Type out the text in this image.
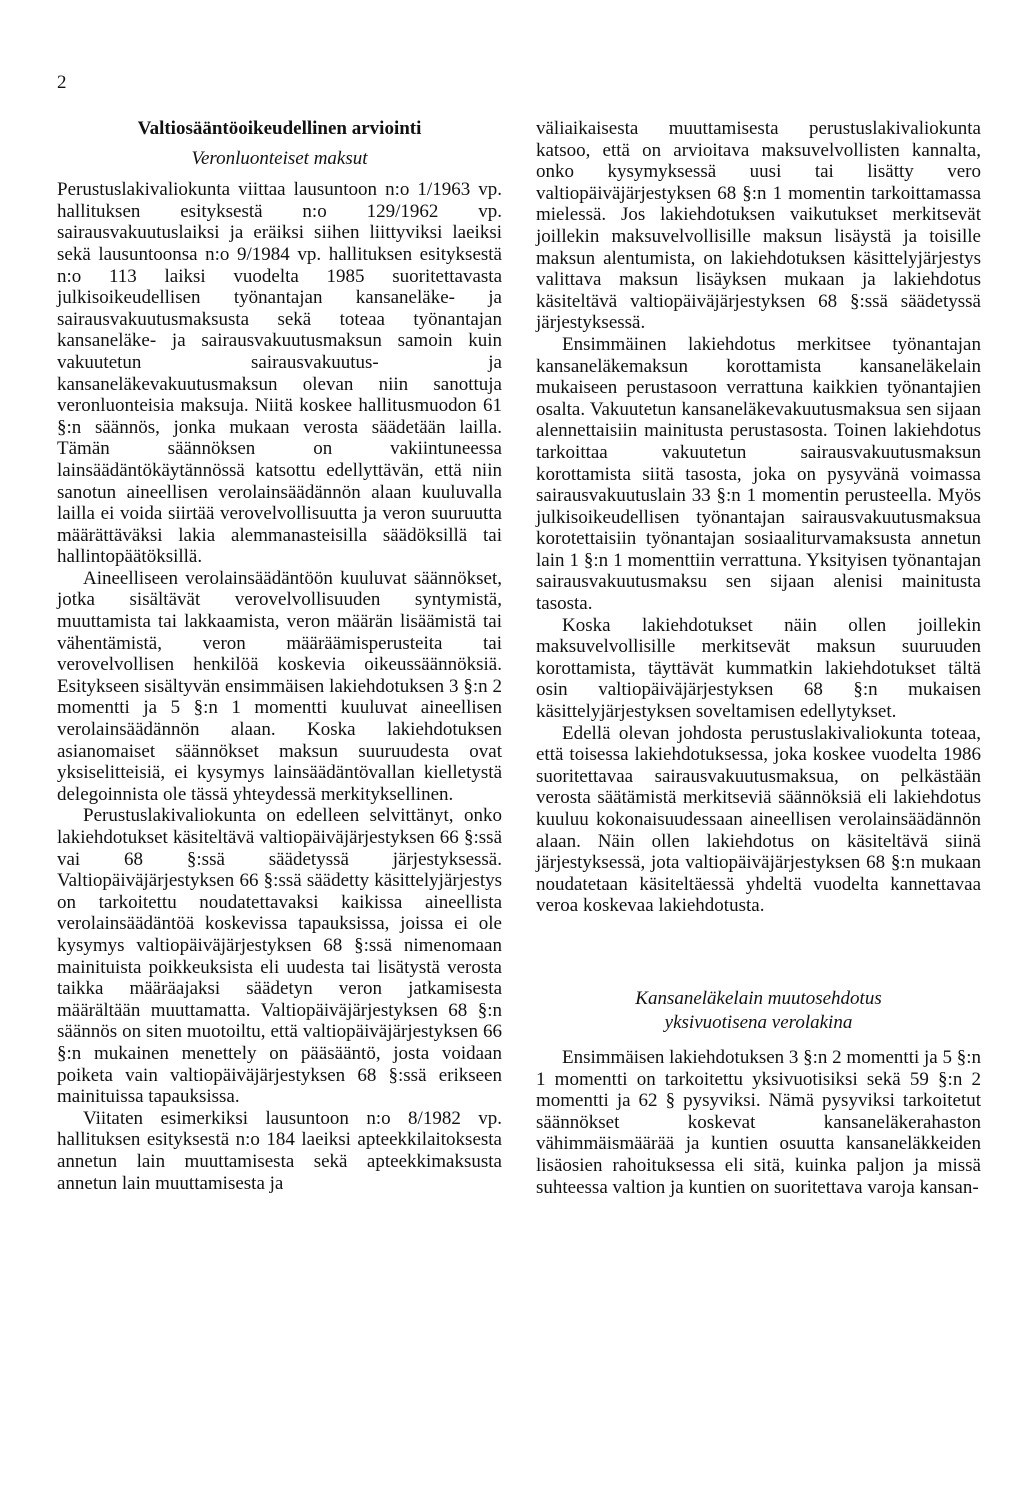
2
Valtiosääntöoikeudellinen arviointi
Veronluonteiset maksut

Perustuslakivaliokunta viittaa lausuntoon n:o 1/1963 vp. hallituksen esityksestä n:o 129/1962 vp. sairausvakuutuslaiksi ja eräiksi siihen liittyviksi laeiksi sekä lausuntoonsa n:o 9/1984 vp. hallituksen esityksestä n:o 113 laiksi vuodelta 1985 suoritettavasta julkisoikeudellisen työnantajan kansaneläke- ja sairausvakuutusmaksusta sekä toteaa työnantajan kansaneläke- ja sairausvakuutusmaksun samoin kuin vakuutetun sairausvakuutus- ja kansaneläkevakuutusmaksun olevan niin sanottuja veronluonteisia maksuja. Niitä koskee hallitusmuodon 61 §:n säännös, jonka mukaan verosta säädetään lailla. Tämän säännöksen on vakiintuneessa lainsäädäntökäytännössä katsottu edellyttävän, että niin sanotun aineellisen verolainsäädännön alaan kuuluvalla lailla ei voida siirtää verovelvollisuutta ja veron suuruutta määrättäväksi lakia alemmanasteisilla säädöksillä tai hallintopäätöksillä.

Aineelliseen verolainsäädäntöön kuuluvat säännökset, jotka sisältävät verovelvollisuuden syntymistä, muuttamista tai lakkaamista, veron määrän lisäämistä tai vähentämistä, veron määräämisperusteita tai verovelvollisen henkilöä koskevia oikeussäännöksiä. Esitykseen sisältyvän ensimmäisen lakiehdotuksen 3 §:n 2 momentti ja 5 §:n 1 momentti kuuluvat aineellisen verolainsäädännön alaan. Koska lakiehdotuksen asianomaiset säännökset maksun suuruudesta ovat yksiselitteisiä, ei kysymys lainsäädäntövallan kielletystä delegoinnista ole tässä yhteydessä merkityksellinen.

Perustuslakivaliokunta on edelleen selvittänyt, onko lakiehdotukset käsiteltävä valtiopäiväjärjestyksen 66 §:ssä vai 68 §:ssä säädetyssä järjestyksessä. Valtiopäiväjärjestyksen 66 §:ssä säädetty käsittelyjärjestys on tarkoitettu noudatettavaksi kaikissa aineellista verolainsäädäntöä koskevissa tapauksissa, joissa ei ole kysymys valtiopäiväjärjestyksen 68 §:ssä nimenomaan mainituista poikkeuksista eli uudesta tai lisätystä verosta taikka määräajaksi säädetyn veron jatkamisesta määrältään muuttamatta. Valtiopäiväjärjestyksen 68 §:n säännös on siten muotoiltu, että valtiopäiväjärjestyksen 66 §:n mukainen menettely on pääsääntö, josta voidaan poiketa vain valtiopäiväjärjestyksen 68 §:ssä erikseen mainituissa tapauksissa.

Viitaten esimerkiksi lausuntoon n:o 8/1982 vp. hallituksen esityksestä n:o 184 laeiksi apteekkilaitoksesta annetun lain muuttamisesta sekä apteekkimaksusta annetun lain muuttamisesta ja

väliaikaisesta muuttamisesta perustuslakivaliokunta katsoo, että on arvioitava maksuvelvollisten kannalta, onko kysymyksessä uusi tai lisätty vero valtiopäiväjärjestyksen 68 §:n 1 momentin tarkoittamassa mielessä. Jos lakiehdotuksen vaikutukset merkitsevät joillekin maksuvelvollisille maksun lisäystä ja toisille maksun alentumista, on lakiehdotuksen käsittelyjärjestys valittava maksun lisäyksen mukaan ja lakiehdotus käsiteltävä valtiopäiväjärjestyksen 68 §:ssä säädetyssä järjestyksessä.

Ensimmäinen lakiehdotus merkitsee työnantajan kansaneläkemaksun korottamista kansaneläkelain mukaiseen perustasoon verrattuna kaikkien työnantajien osalta. Vakuutetun kansaneläkevakuutusmaksua sen sijaan alennettaisiin mainitusta perustasosta. Toinen lakiehdotus tarkoittaa vakuutetun sairausvakuutusmaksun korottamista siitä tasosta, joka on pysyvänä voimassa sairausvakuutuslain 33 §:n 1 momentin perusteella. Myös julkisoikeudellisen työnantajan sairausvakuutusmaksua korotettaisiin työnantajan sosiaaliturvamaksusta annetun lain 1 §:n 1 momenttiin verrattuna. Yksityisen työnantajan sairausvakuutusmaksu sen sijaan alenisi mainitusta tasosta.

Koska lakiehdotukset näin ollen joillekin maksuvelvollisille merkitsevät maksun suuruuden korottamista, täyttävät kummatkin lakiehdotukset tältä osin valtiopäiväjärjestyksen 68 §:n mukaisen käsittelyjärjestyksen soveltamisen edellytykset.

Edellä olevan johdosta perustuslakivaliokunta toteaa, että toisessa lakiehdotuksessa, joka koskee vuodelta 1986 suoritettavaa sairausvakuutusmaksua, on pelkästään verosta säätämistä merkitseviä säännöksiä eli lakiehdotus kuuluu kokonaisuudessaan aineellisen verolainsäädännön alaan. Näin ollen lakiehdotus on käsiteltävä siinä järjestyksessä, jota valtiopäiväjärjestyksen 68 §:n mukaan noudatetaan käsiteltäessä yhdeltä vuodelta kannettavaa veroa koskevaa lakiehdotusta.

Kansaneläkelain muutosehdotus
yksivuotisena verolakina

Ensimmäisen lakiehdotuksen 3 §:n 2 momentti ja 5 §:n 1 momentti on tarkoitettu yksivuotisiksi sekä 59 §:n 2 momentti ja 62 § pysyviksi. Nämä pysyviksi tarkoitetut säännökset koskevat kansaneläkerahaston vähimmäismäärää ja kuntien osuutta kansaneläkkeiden lisäosien rahoituksessa eli sitä, kuinka paljon ja missä suhteessa valtion ja kuntien on suoritettava varoja kansan-
